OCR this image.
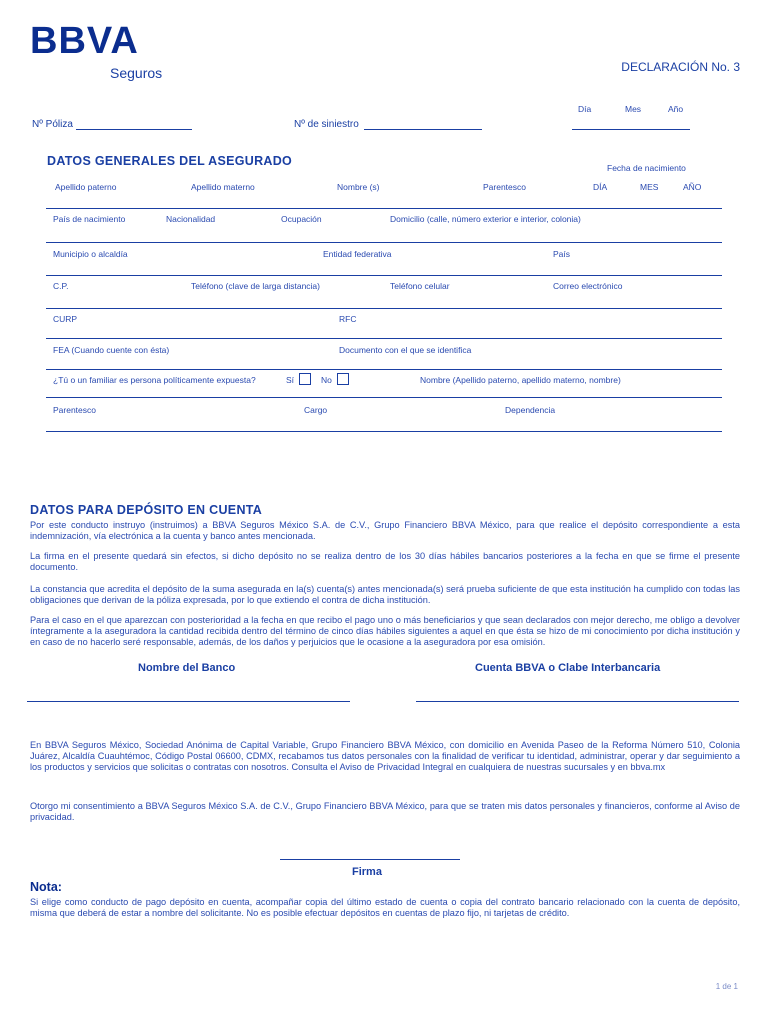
BBVA
Seguros	DECLARACIÓN No. 3
Día	Mes	Año
Nº Póliza	Nº de siniestro
DATOS GENERALES DEL ASEGURADO	Fecha de nacimiento
Apellido paterno	Apellido materno	Nombre (s)	Parentesco	DÍA	MES	AÑO
País de nacimiento	Nacionalidad	Ocupación	Domicilio (calle, número exterior e interior, colonia)
Municipio o alcaldía	Entidad federativa	País
C.P.	Teléfono (clave de larga distancia)	Teléfono celular	Correo electrónico
CURP	RFC
FEA (Cuando cuente con ésta)	Documento con el que se identifica
¿Tú o un familiar es persona políticamente expuesta?	Sí	No	Nombre (Apellido paterno, apellido materno, nombre)
Parentesco	Cargo	Dependencia
DATOS PARA DEPÓSITO EN CUENTA
Por este conducto instruyo (instruimos) a BBVA Seguros México S.A. de C.V., Grupo Financiero BBVA México, para que realice el depósito correspondiente a esta indemnización, vía electrónica a la cuenta y banco antes mencionada.
La firma en el presente quedará sin efectos, si dicho depósito no se realiza dentro de los 30 días hábiles bancarios posteriores a la fecha en que se firme el presente documento.
La constancia que acredita el depósito de la suma asegurada en la(s) cuenta(s) antes mencionada(s) será prueba suficiente de que esta institución ha cumplido con todas las obligaciones que derivan de la póliza expresada, por lo que extiendo el contra de dicha institución.
Para el caso en el que aparezcan con posterioridad a la fecha en que recibo el pago uno o más beneficiarios y que sean declarados con mejor derecho, me obligo a devolver íntegramente a la aseguradora la cantidad recibida dentro del término de cinco días hábiles siguientes a aquel en que ésta se hizo de mi conocimiento por dicha institución y en caso de no hacerlo seré responsable, además, de los daños y perjuicios que le ocasione a la aseguradora por esa omisión.
Nombre del Banco	Cuenta BBVA o Clabe Interbancaria
En BBVA Seguros México, Sociedad Anónima de Capital Variable, Grupo Financiero BBVA México, con domicilio en Avenida Paseo de la Reforma Número 510, Colonia Juárez, Alcaldía Cuauhtémoc, Código Postal 06600, CDMX, recabamos tus datos personales con la finalidad de verificar tu identidad, administrar, operar y dar seguimiento a los productos y servicios que solicitas o contratas con nosotros. Consulta el Aviso de Privacidad Integral en cualquiera de nuestras sucursales y en bbva.mx
Otorgo mi consentimiento a BBVA Seguros México S.A. de C.V., Grupo Financiero BBVA México, para que se traten mis datos personales y financieros, conforme al Aviso de privacidad.
Firma
Nota:
Si elige como conducto de pago depósito en cuenta, acompañar copia del último estado de cuenta o copia del contrato bancario relacionado con la cuenta de depósito, misma que deberá de estar a nombre del solicitante. No es posible efectuar depósitos en cuentas de plazo fijo, ni tarjetas de crédito.
1 de 1
